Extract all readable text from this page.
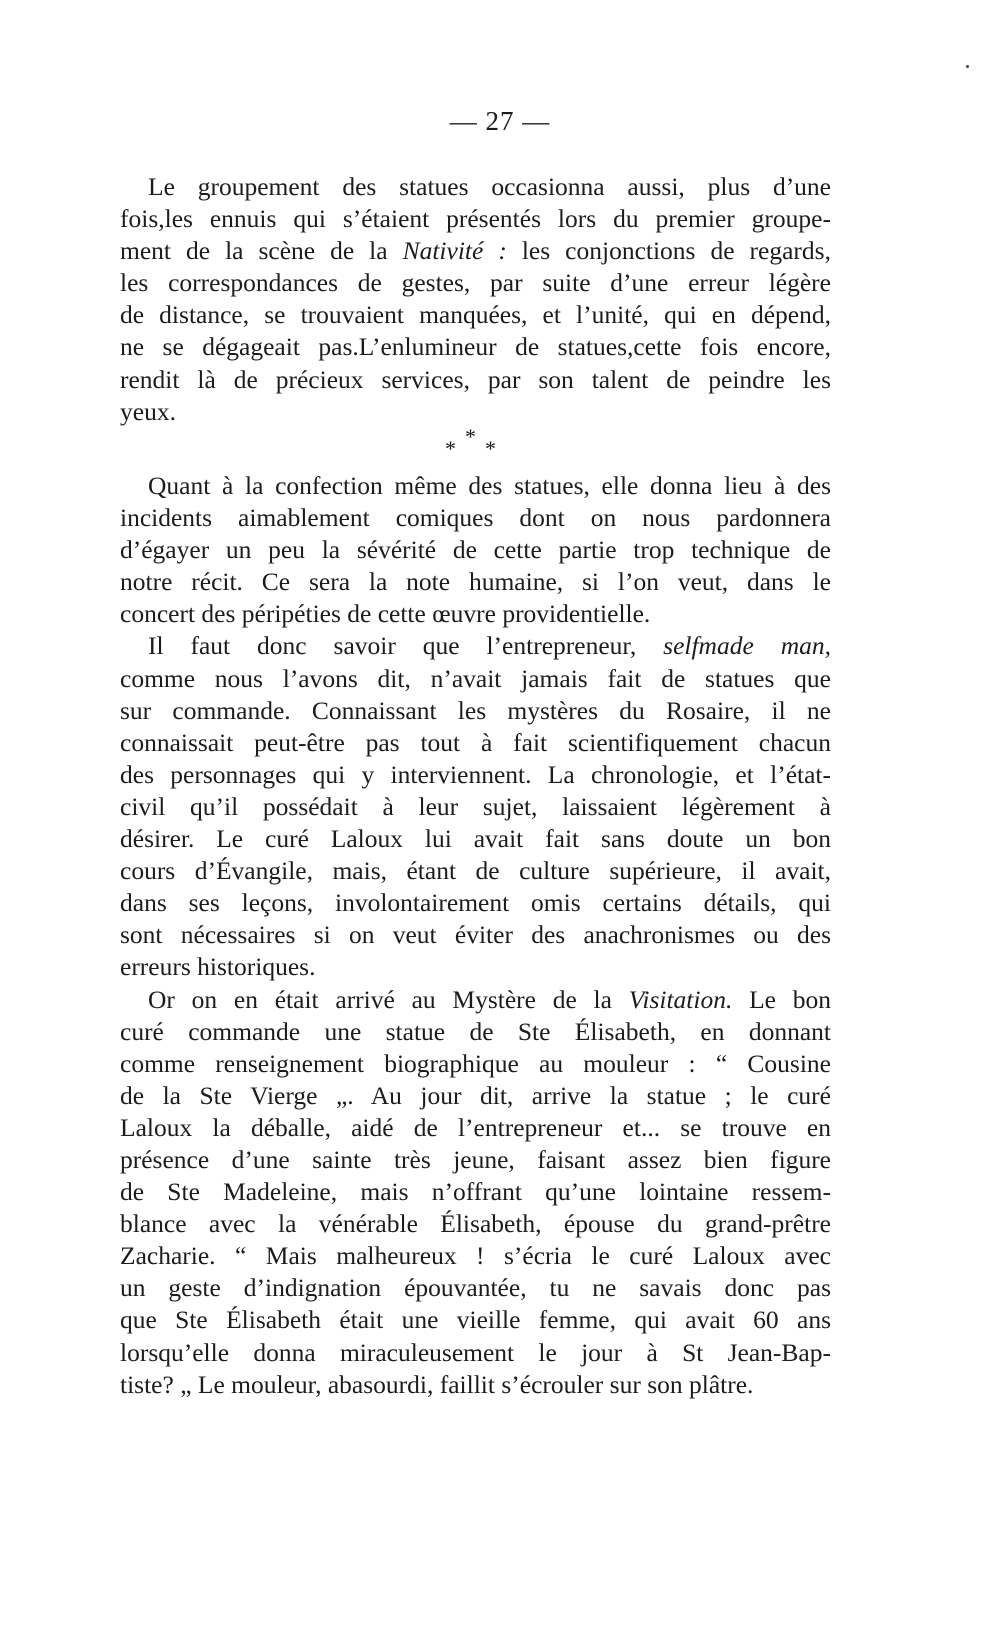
— 27 —
Le groupement des statues occasionna aussi, plus d’une
fois,les ennuis qui s’étaient présentés lors du premier groupe-
ment de la scène de la Nativité : les conjonctions de regards,
les correspondances de gestes, par suite d’une erreur légère
de distance, se trouvaient manquées, et l’unité, qui en dépend,
ne se dégageait pas.L’enlumineur de statues,cette fois encore,
rendit là de précieux services, par son talent de peindre les
yeux.
*
* *
Quant à la confection même des statues, elle donna lieu à des
incidents aimablement comiques dont on nous pardonnera
d’égayer un peu la sévérité de cette partie trop technique de
notre récit. Ce sera la note humaine, si l’on veut, dans le
concert des péripéties de cette œuvre providentielle.
Il faut donc savoir que l’entrepreneur, selfmade man,
comme nous l’avons dit, n’avait jamais fait de statues que
sur commande. Connaissant les mystères du Rosaire, il ne
connaissait peut-être pas tout à fait scientifiquement chacun
des personnages qui y interviennent. La chronologie, et l’état-
civil qu’il possédait à leur sujet, laissaient légèrement à
désirer. Le curé Laloux lui avait fait sans doute un bon
cours d’Évangile, mais, étant de culture supérieure, il avait,
dans ses leçons, involontairement omis certains détails, qui
sont nécessaires si on veut éviter des anachronismes ou des
erreurs historiques.
Or on en était arrivé au Mystère de la Visitation. Le bon
curé commande une statue de Ste Élisabeth, en donnant
comme renseignement biographique au mouleur : “ Cousine
de la Ste Vierge „. Au jour dit, arrive la statue ; le curé
Laloux la déballe, aidé de l’entrepreneur et... se trouve en
présence d’une sainte très jeune, faisant assez bien figure
de Ste Madeleine, mais n’offrant qu’une lointaine ressem-
blance avec la vénérable Élisabeth, épouse du grand-prêtre
Zacharie. “ Mais malheureux ! s’écria le curé Laloux avec
un geste d’indignation épouvantée, tu ne savais donc pas
que Ste Élisabeth était une vieille femme, qui avait 60 ans
lorsqu’elle donna miraculeusement le jour à St Jean-Bap-
tiste? „ Le mouleur, abasourdi, faillit s’écrouler sur son plâtre.
